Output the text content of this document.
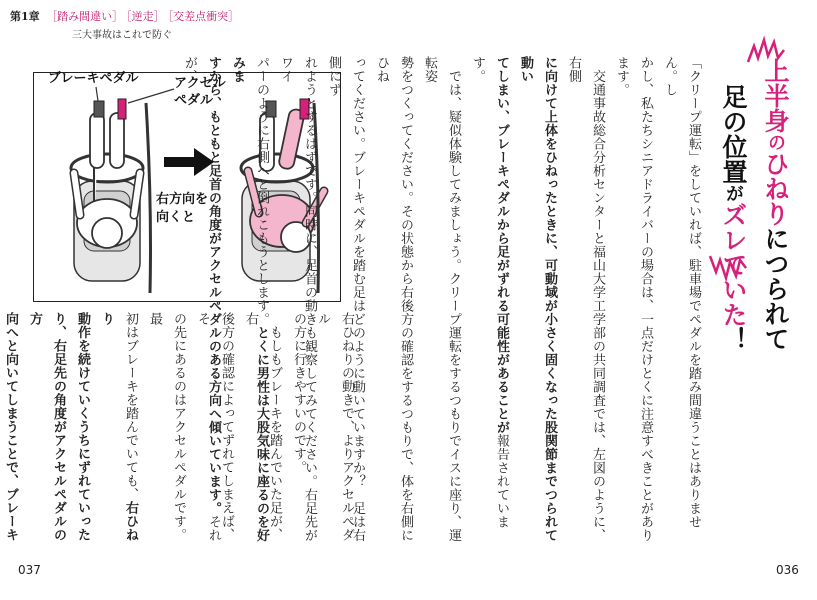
第1章 ［踏み間違い］ ［逆走］ ［交差点衝突］
三大事故はこれで防ぐ
ブレーキペダル	アクセル
ペダル
右方向を
向くと
右ひねりの動きで、よりアクセルペダル
の方に行きやすいのです。
　もしもブレーキを踏んでいた足が、右
後方の確認によってずれてしまえば、そ
の先にあるのはアクセルペダルです。最
初はブレーキを踏んでいても、右ひねり
動作を続けていくうちにずれていった
り、右足先の角度がアクセルペダルの方
向へと向いてしまうことで、ブレーキ

上半身のひねりにつられて
足の位置がズレていた！
「クリープ運転」をしていれば、駐車場でペダルを踏み間違うことはありません。し
かし、私たちシニアドライバーの場合は、一点だけとくに注意すべきことがあります。
　交通事故総合分析センターと福山大学工学部の共同調査では、左図のように、右側
に向けて上体をひねったときに、可動域が小さく固くなった股関節までつられて動い
てしまい、ブレーキペダルから足がずれる可能性があることが報告されています。
　では、疑似体験してみましょう。クリープ運転をするつもりでイスに座り、運転姿
勢をつくってください。その状態から右後方の確認をするつもりで、体を右側にひね
ってください。ブレーキペダルを踏む足はどのように動いていますか？　足は右側にず
れようとするはずです。同時に、足首の動きも観察してみてください。右足先がワイ
パーのように右側へと倒れこもうとします。とくに男性は大股気味に座るのを好みま
すから、もともと足首の角度がアクセルペダルのある方向へ傾いています。それが、
037	036
